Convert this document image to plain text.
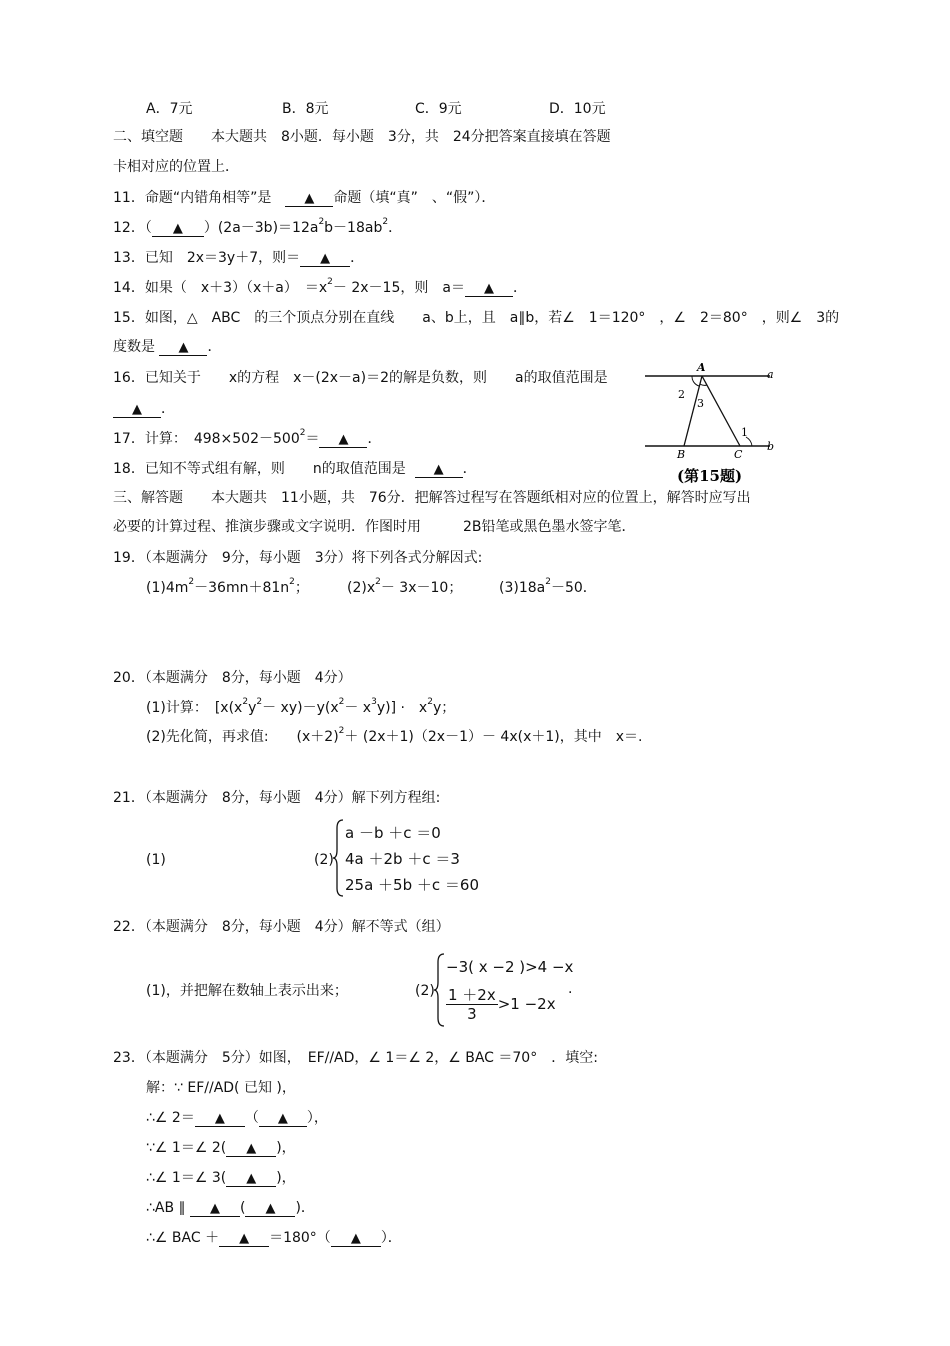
A．7元	B．8元	C．9元	D．10元
二、填空题　　本大题共　8小题．每小题　3分，共　24分把答案直接填在答题
卡相对应的位置上．
11．命题“内错角相等”是　▲ 命题（填“真”　、“假”）．
12．（ ▲ ）$(2a-3b)=12a^2b-18ab^2$．
13．已知　2x＝3y＋7，则＝ ▲ ．
14．如果（　x＋3）（x＋a）　$=x^2- 2x-15$，则　a＝ ▲ ．
15．如图，△　ABC　的三个顶点分别在直线　　a、b上，且　a∥b，若∠　1＝120°　，∠　2＝80°　，则∠　3的
度数是 ▲ ．
16．已知关于　　x的方程　x－(2x－a)＝2的解是负数，则　　a的取值范围是
▲ ．
17．计算：　$498\times 502-500^2=$ ▲ ．
18．已知不等式组有解，则　　n的取值范围是 ▲ ．
A
a
b
B	C
1
2
3
(第15题)
三、解答题　　本大题共　11小题，共　76分．把解答过程写在答题纸相对应的位置上，解答时应写出
必要的计算过程、推演步骤或文字说明．作图时用　　　2B铅笔或黑色墨水签字笔．
19．（本题满分　9分，每小题　3分）将下列各式分解因式:
$(1)4m^2-36mn+81n^2$；	$(2)x^2- 3x-10$；	$(3)18a^2-50$．
20．（本题满分　8分，每小题　4分）
(1)计算：　$[x(x^2y^2- xy)-y(x^2- x^3y)]$ ·　$x^2y$；
(2)先化简，再求值:　　$(x+2)^2+ (2x+1)(2x-1)- 4x(x+1)$，其中　x＝.
21．（本题满分　8分，每小题　4分）解下列方程组:
(1)	(2)
a －b ＋c ＝0
4a ＋2b ＋c ＝3
25a ＋5b ＋c ＝60
22．（本题满分　8分，每小题　4分）解不等式（组）
(1)，并把解在数轴上表示出来；	(2)
−3( x −2 )>4 −x
$\frac{1 +2x}{3} >1 -2x$
.
23．（本题满分　5分）如图，　EF//AD，∠ 1＝∠ 2，∠ BAC ＝70°　．填空:
解：∵ EF//AD( 已知 )，
∴∠ 2＝ ▲ （ ▲ ），
∵∠ 1＝∠ 2( ▲ )，
∴∠ 1＝∠ 3( ▲ )，
∴AB ∥ ▲ ( ▲ )．
∴∠ BAC ＋ ▲ ＝180°（ ▲ ）．
